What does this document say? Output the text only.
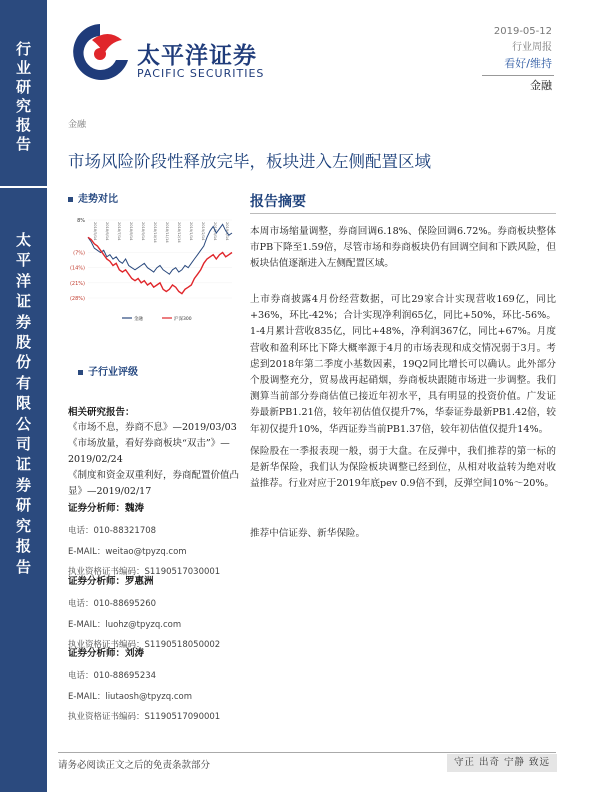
行
业
研
究
报
告
太
平
洋
证
券
股
份
有
限
公
司
证
券
研
究
报
告
太平洋证券
PACIFIC SECURITIES
2019-05-12
行业周报
看好/维持
金融
金融
市场风险阶段性释放完毕，板块进入左侧配置区域
走势对比
8%
(7%)
(14%)
(21%)
(28%)
2018/5/14 2018/6/14 2018/7/14 2018/8/14 2018/9/14 2018/10/14 2018/11/14 2018/12/14 2019/1/14 2019/2/14 2019/3/14 2019/4/14
金融	沪深300
子行业评级
相关研究报告：
《市场不息，券商不息》—2019/03/03
《市场放量，看好券商板块“双击”》—2019/02/24
《制度和资金双重利好，券商配置价值凸显》—2019/02/17
证券分析师：魏涛
电话：010-88321708
E-MAIL：weitao@tpyzq.com
执业资格证书编码：S1190517030001
证券分析师：罗惠洲
电话：010-88695260
E-MAIL：luohz@tpyzq.com
执业资格证书编码：S1190518050002
证券分析师：刘涛
电话：010-88695234
E-MAIL：liutaosh@tpyzq.com
执业资格证书编码：S1190517090001
报告摘要
本周市场缩量调整，券商回调6.18%、保险回调6.72%。券商板块整体市PB下降至1.59倍，尽管市场和券商板块仍有回调空间和下跌风险，但板块估值逐渐进入左侧配置区域。
上市券商披露4月份经营数据，可比29家合计实现营收169亿，同比+36%，环比-42%；合计实现净利润65亿，同比+50%，环比-56%。1-4月累计营收835亿，同比+48%，净利润367亿，同比+67%。月度营收和盈利环比下降大概率源于4月的市场表现和成交情况弱于3月。考虑到2018年第二季度小基数因素，19Q2同比增长可以确认。此外部分个股调整充分，贸易战再起硝烟，券商板块跟随市场进一步调整。我们测算当前部分券商估值已接近年初水平，具有明显的投资价值。广发证券最新PB1.21倍，较年初估值仅提升7%，华泰证券最新PB1.42倍，较年初仅提升10%，华西证券当前PB1.37倍，较年初估值仅提升14%。
保险股在一季报表现一般，弱于大盘。在反弹中，我们推荐的第一标的是新华保险，我们认为保险板块调整已经到位，从相对收益转为绝对收益推荐。行业对应于2019年底pev 0.9倍不到，反弹空间10%～20%。
推荐中信证券、新华保险。
请务必阅读正文之后的免责条款部分	守正 出奇 宁静 致远
